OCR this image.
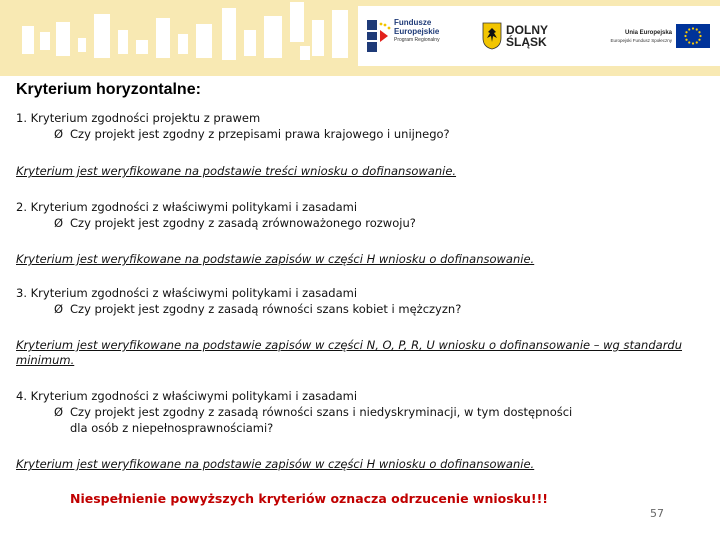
Fundusze
Europejskie
Program Regionalny
DOLNY
ŚLĄSK
Unia Europejska
Europejski Fundusz Społeczny
Kryterium horyzontalne:
1. Kryterium zgodności projektu z prawem
Ø Czy projekt jest zgodny z przepisami prawa krajowego i unijnego?
Kryterium jest weryfikowane na podstawie treści wniosku o dofinansowanie.
2. Kryterium zgodności z właściwymi politykami i zasadami
Ø Czy projekt jest zgodny z zasadą zrównoważonego rozwoju?
Kryterium jest weryfikowane na podstawie zapisów w części H wniosku o dofinansowanie.
3. Kryterium zgodności z właściwymi politykami i zasadami
Ø Czy projekt jest zgodny z zasadą równości szans kobiet i mężczyzn?
Kryterium jest weryfikowane na podstawie zapisów w części N, O, P, R, U wniosku o dofinansowanie – wg standardu minimum.
4. Kryterium zgodności z właściwymi politykami i zasadami
Ø Czy projekt jest zgodny z zasadą równości szans i niedyskryminacji, w tym dostępności
dla osób z niepełnosprawnościami?
Kryterium jest weryfikowane na podstawie zapisów w części H wniosku o dofinansowanie.
Niespełnienie powyższych kryteriów oznacza odrzucenie wniosku!!!
57
